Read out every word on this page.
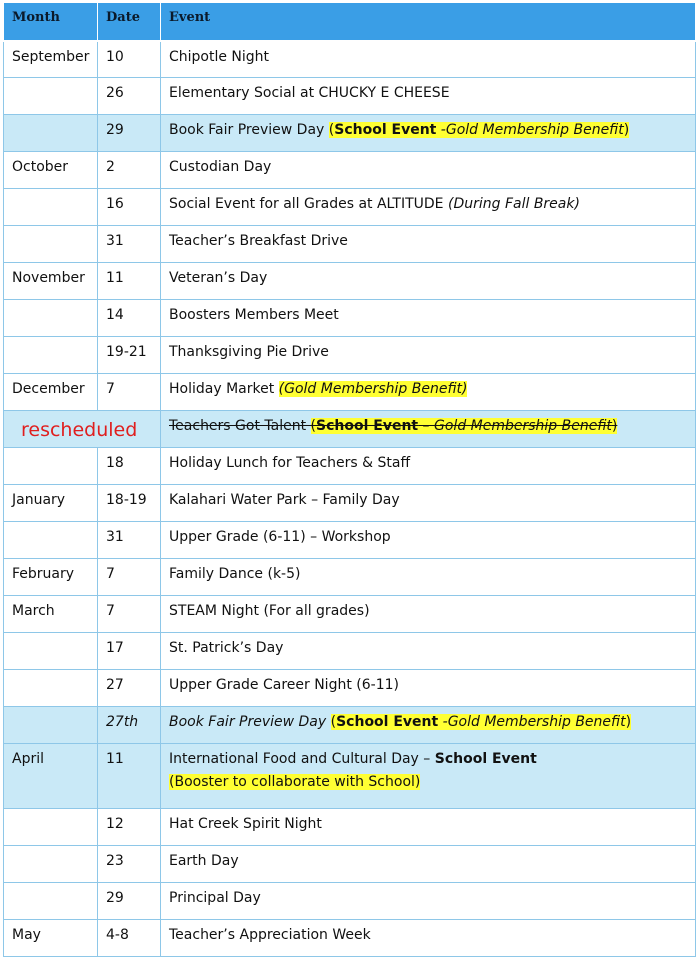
Month	Date	Event
September	10	Chipotle Night
	26	Elementary Social at CHUCKY E CHEESE
	29	Book Fair Preview Day (School Event -Gold Membership Benefit)
October	2	Custodian Day
	16	Social Event for all Grades at ALTITUDE (During Fall Break)
	31	Teacher’s Breakfast Drive
November	11	Veteran’s Day
	14	Boosters Members Meet
	19-21	Thanksgiving Pie Drive
December	7	Holiday Market (Gold Membership Benefit)
rescheduled		Teachers Got Talent (School Event – Gold Membership Benefit)
	18	Holiday Lunch for Teachers & Staff
January	18-19	Kalahari Water Park – Family Day
	31	Upper Grade (6-11) – Workshop
February	7	Family Dance (k-5)
March	7	STEAM Night (For all grades)
	17	St. Patrick’s Day
	27	Upper Grade Career Night (6-11)
	27th	Book Fair Preview Day (School Event -Gold Membership Benefit)
April	11	International Food and Cultural Day – School Event
(Booster to collaborate with School)

	12	Hat Creek Spirit Night
	23	Earth Day
	29	Principal Day
May	4-8	Teacher’s Appreciation Week
